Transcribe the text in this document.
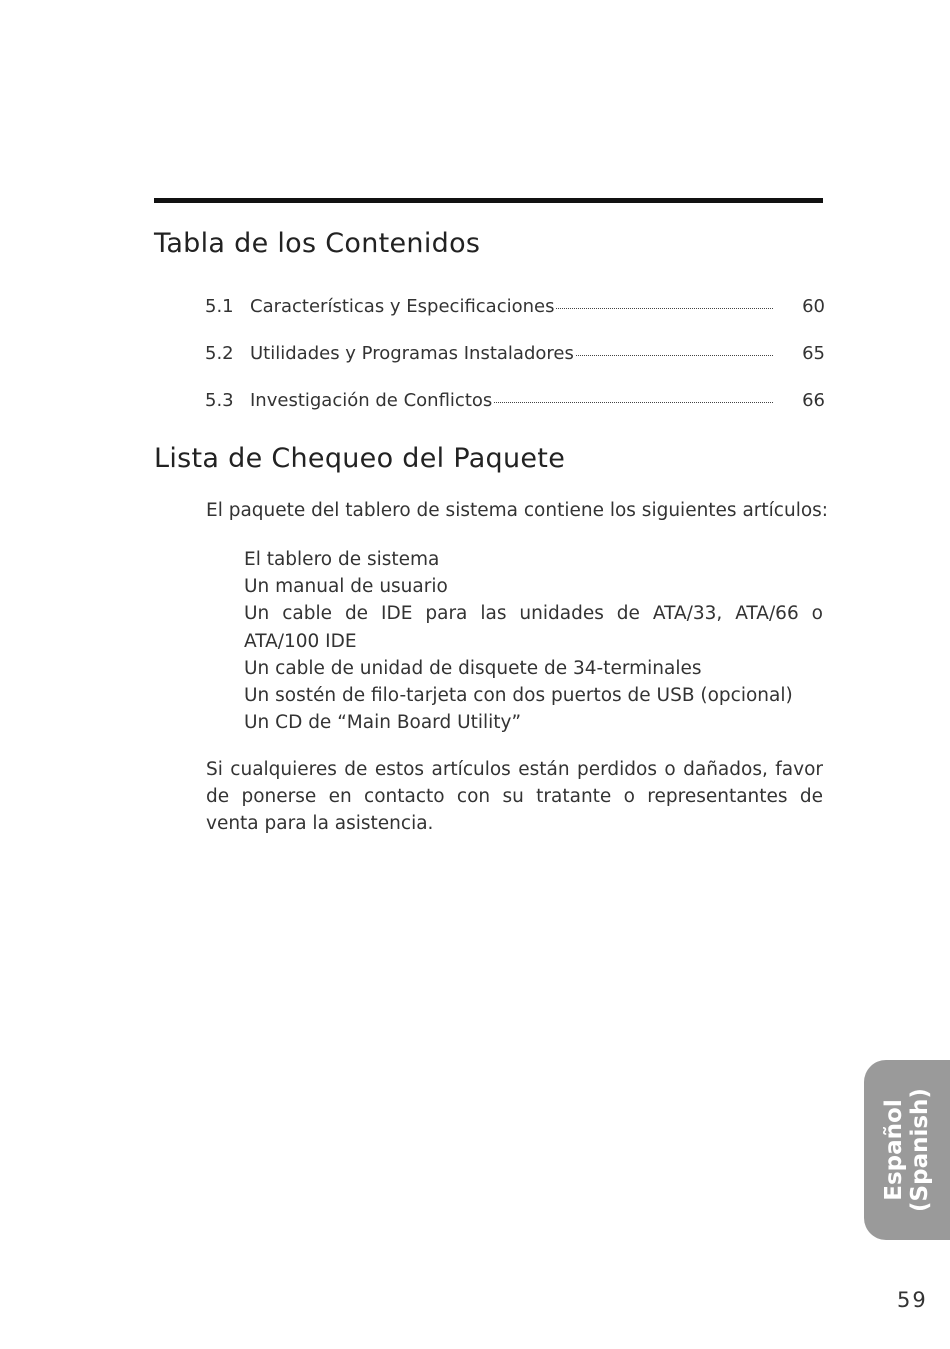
Tabla de los Contenidos
5.1 Características y Especificaciones	60
5.2 Utilidades y Programas Instaladores	65
5.3 Investigación de Conflictos	66
Lista de Chequeo del Paquete

El paquete del tablero de sistema contiene los siguientes artículos:

El tablero de sistema
Un manual de usuario
Un cable de IDE para las unidades de ATA/33, ATA/66 o ATA/100 IDE
Un cable de unidad de disquete de 34-terminales
Un sostén de filo-tarjeta con dos puertos de USB (opcional)
Un CD de “Main Board Utility”

Si cualquieres de estos artículos están perdidos o dañados, favor de ponerse en contacto con su tratante o representantes de venta para la asistencia.

Español (Spanish)
59
